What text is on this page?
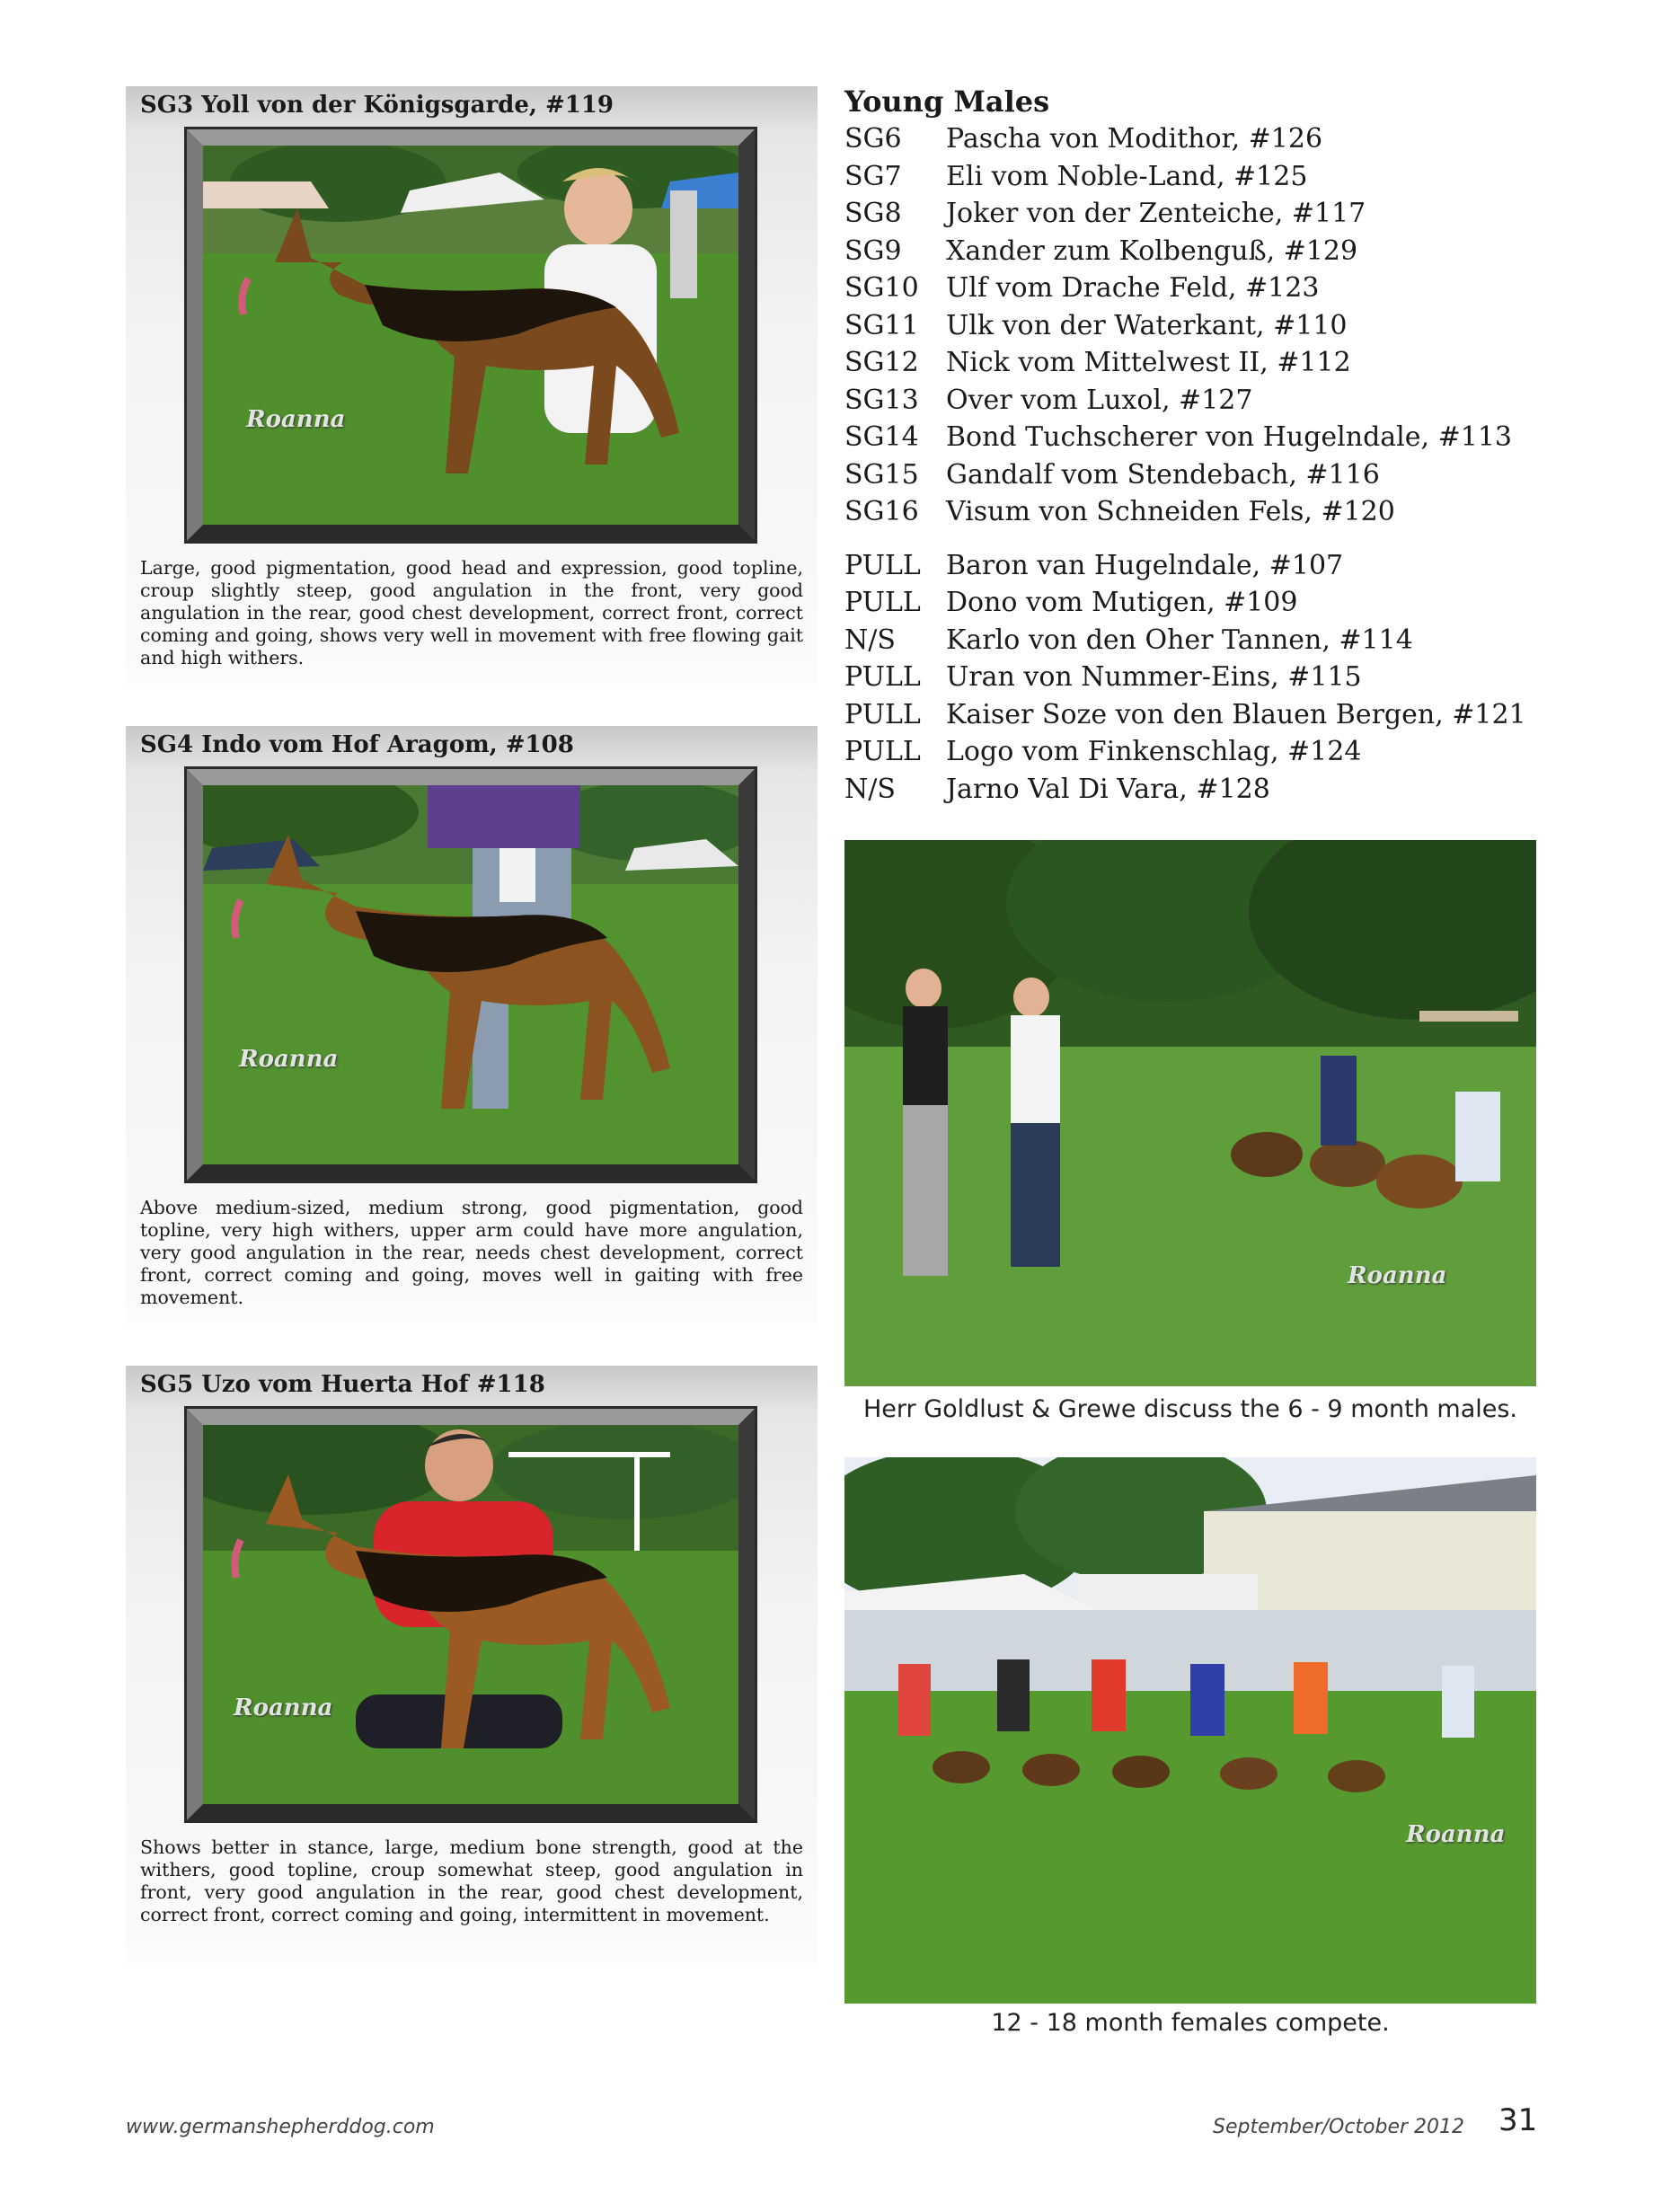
SG3 Yoll von der Königsgarde, #119
Roanna
Large, good pigmentation, good head and expression, good topline, croup slightly steep, good angulation in the front, very good angulation in the rear, good chest development, correct front, correct coming and going, shows very well in movement with free flowing gait and high withers.
SG4 Indo vom Hof Aragom, #108
Roanna
Above medium-sized, medium strong, good pigmentation, good topline, very high withers, upper arm could have more angulation, very good angulation in the rear, needs chest development, correct front, correct coming and going, moves well in gaiting with free movement.
SG5 Uzo vom Huerta Hof #118
Roanna
Shows better in stance, large, medium bone strength, good at the withers, good topline, croup somewhat steep, good angulation in front, very good angulation in the rear, good chest development, correct front, correct coming and going, intermittent in movement.
Young Males
SG6	Pascha von Modithor, #126
SG7	Eli vom Noble-Land, #125
SG8	Joker von der Zenteiche, #117
SG9	Xander zum Kolbenguß, #129
SG10	Ulf vom Drache Feld, #123
SG11	Ulk von der Waterkant, #110
SG12	Nick vom Mittelwest II, #112
SG13	Over vom Luxol, #127
SG14	Bond Tuchscherer von Hugelndale, #113
SG15	Gandalf vom Stendebach, #116
SG16	Visum von Schneiden Fels, #120
PULL Baron van Hugelndale, #107
PULL Dono vom Mutigen, #109
N/S	Karlo von den Oher Tannen, #114
PULL Uran von Nummer-Eins, #115
PULL Kaiser Soze von den Blauen Bergen, #121
PULL Logo vom Finkenschlag, #124
N/S	Jarno Val Di Vara, #128
Roanna
Herr Goldlust & Grewe discuss the 6 - 9 month males.
Roanna
12 - 18 month females compete.
www.germanshepherddog.com	September/October 2012 31
